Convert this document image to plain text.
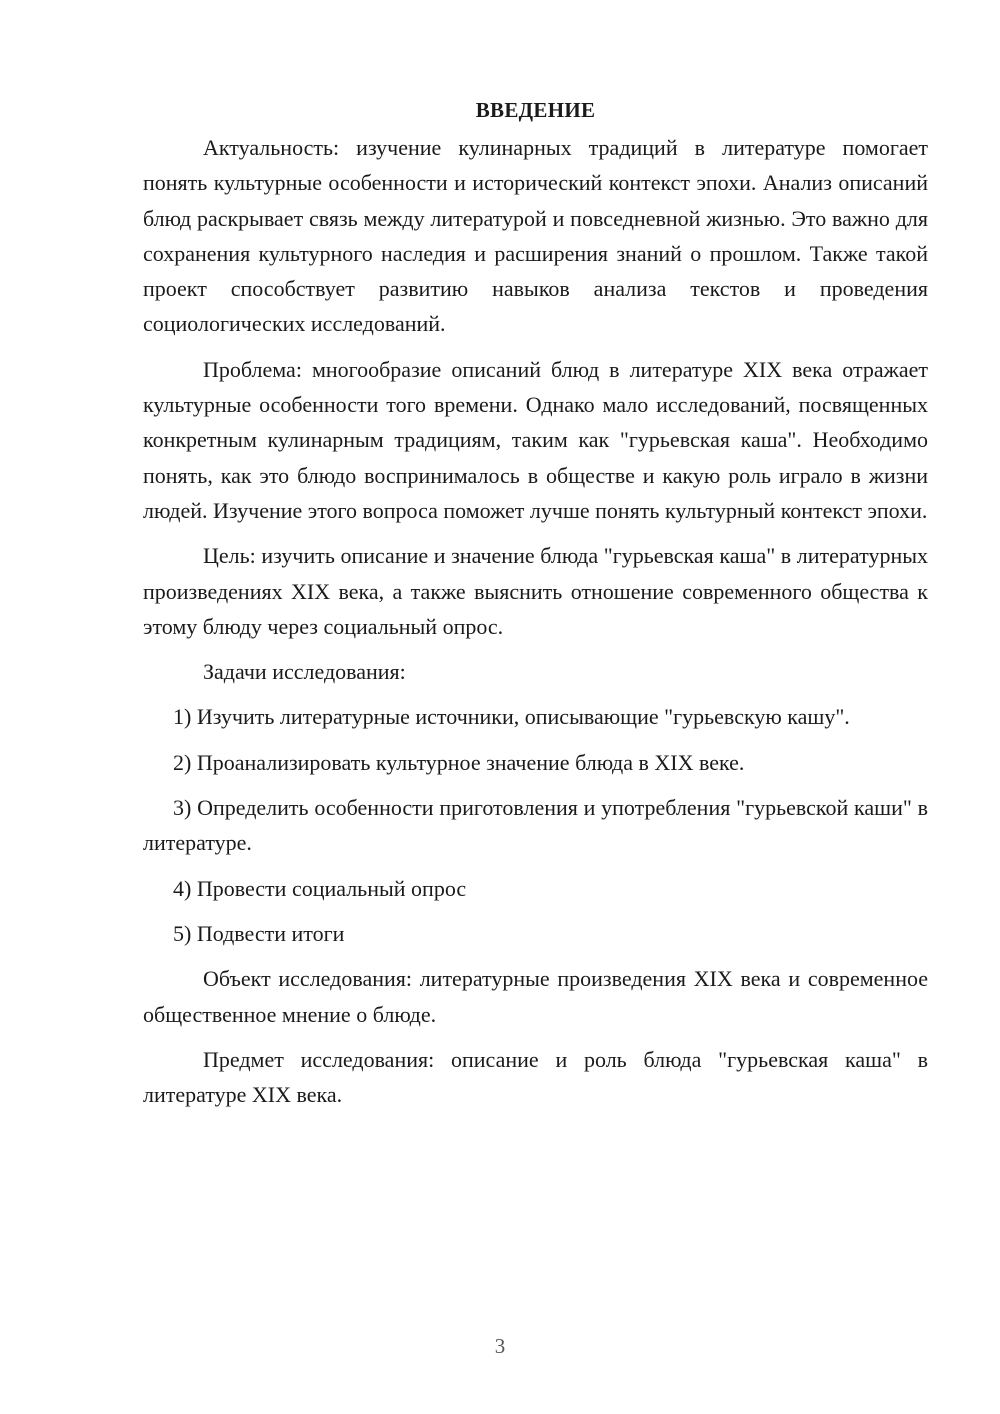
ВВЕДЕНИЕ

Актуальность: изучение кулинарных традиций в литературе помогает понять культурные особенности и исторический контекст эпохи. Анализ описаний блюд раскрывает связь между литературой и повседневной жизнью. Это важно для сохранения культурного наследия и расширения знаний о прошлом. Также такой проект способствует развитию навыков анализа текстов и проведения социологических исследований.

Проблема: многообразие описаний блюд в литературе XIX века отражает культурные особенности того времени. Однако мало исследований, посвященных конкретным кулинарным традициям, таким как "гурьевская каша". Необходимо понять, как это блюдо воспринималось в обществе и какую роль играло в жизни людей. Изучение этого вопроса поможет лучше понять культурный контекст эпохи.

Цель: изучить описание и значение блюда "гурьевская каша" в литературных произведениях XIX века, а также выяснить отношение современного общества к этому блюду через социальный опрос.

Задачи исследования:

1) Изучить литературные источники, описывающие "гурьевскую кашу".

2) Проанализировать культурное значение блюда в XIX веке.

3) Определить особенности приготовления и употребления "гурьевской каши" в литературе.

4) Провести социальный опрос

5) Подвести итоги

Объект исследования: литературные произведения XIX века и современное общественное мнение о блюде.

Предмет исследования: описание и роль блюда "гурьевская каша" в литературе XIX века.

3
